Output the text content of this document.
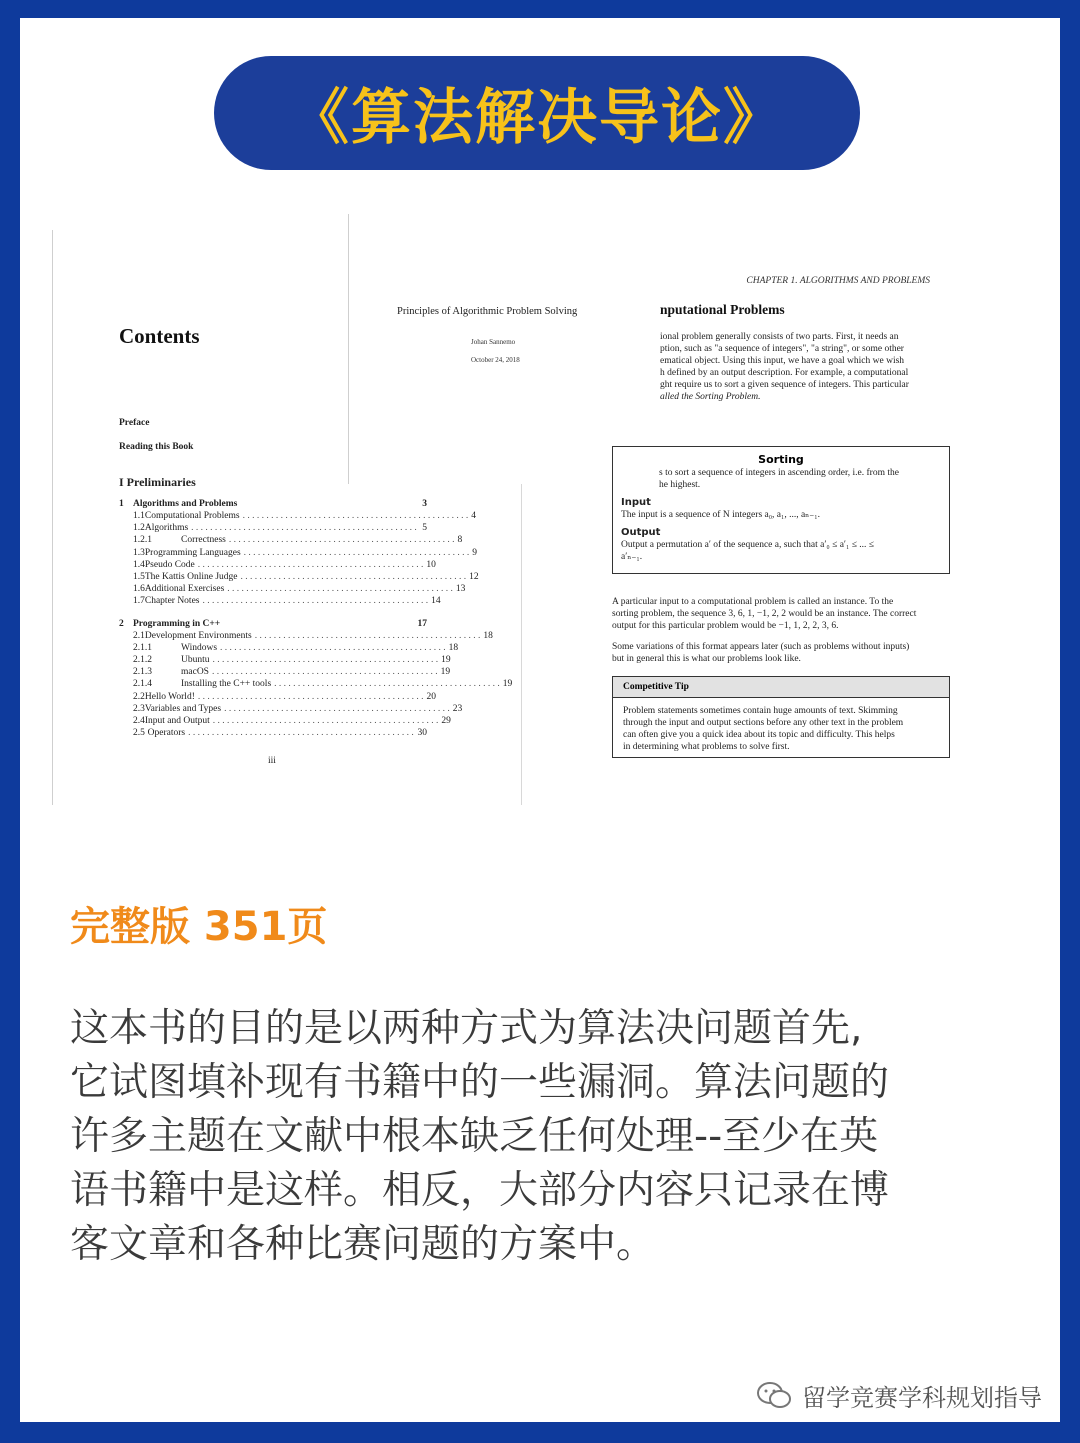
《算法解决导论》
Contents
Preface
Reading this Book
I Preliminaries
1 Algorithms and Problems	3
1.1 Computational Problems . . . . . . . . . . . . . . . . . . . . . . . . . . . . . . . . . . . . . . . . . . . . . . . . 4
1.2 Algorithms . . . . . . . . . . . . . . . . . . . . . . . . . . . . . . . . . . . . . . . . . . . . . . . . 5
1.2.1	Correctness . . . . . . . . . . . . . . . . . . . . . . . . . . . . . . . . . . . . . . . . . . . . . . . . 8
1.3 Programming Languages . . . . . . . . . . . . . . . . . . . . . . . . . . . . . . . . . . . . . . . . . . . . . . . . 9
1.4 Pseudo Code . . . . . . . . . . . . . . . . . . . . . . . . . . . . . . . . . . . . . . . . . . . . . . . . 10
1.5 The Kattis Online Judge . . . . . . . . . . . . . . . . . . . . . . . . . . . . . . . . . . . . . . . . . . . . . . . . 12
1.6 Additional Exercises . . . . . . . . . . . . . . . . . . . . . . . . . . . . . . . . . . . . . . . . . . . . . . . . 13
1.7 Chapter Notes . . . . . . . . . . . . . . . . . . . . . . . . . . . . . . . . . . . . . . . . . . . . . . . . 14
2 Programming in C++	17
2.1 Development Environments . . . . . . . . . . . . . . . . . . . . . . . . . . . . . . . . . . . . . . . . . . . . . . . . 18
2.1.1	Windows . . . . . . . . . . . . . . . . . . . . . . . . . . . . . . . . . . . . . . . . . . . . . . . . 18
2.1.2	Ubuntu . . . . . . . . . . . . . . . . . . . . . . . . . . . . . . . . . . . . . . . . . . . . . . . . 19
2.1.3	macOS . . . . . . . . . . . . . . . . . . . . . . . . . . . . . . . . . . . . . . . . . . . . . . . . 19
2.1.4	Installing the C++ tools . . . . . . . . . . . . . . . . . . . . . . . . . . . . . . . . . . . . . . . . . . . . . . . . 19
2.2 Hello World! . . . . . . . . . . . . . . . . . . . . . . . . . . . . . . . . . . . . . . . . . . . . . . . . 20
2.3 Variables and Types . . . . . . . . . . . . . . . . . . . . . . . . . . . . . . . . . . . . . . . . . . . . . . . . 23
2.4 Input and Output . . . . . . . . . . . . . . . . . . . . . . . . . . . . . . . . . . . . . . . . . . . . . . . . 29
2.5 Operators . . . . . . . . . . . . . . . . . . . . . . . . . . . . . . . . . . . . . . . . . . . . . . . . 30
iii
Principles of Algorithmic Problem Solving
Johan Sannemo
October 24, 2018
CHAPTER 1. ALGORITHMS AND PROBLEMS
nputational Problems
ional problem generally consists of two parts. First, it needs an
ption, such as "a sequence of integers", "a string", or some other
ematical object. Using this input, we have a goal which we wish
h defined by an output description. For example, a computational
ght require us to sort a given sequence of integers. This particular
alled the Sorting Problem.
Sorting
s to sort a sequence of integers in ascending order, i.e. from the
he highest.
Input
The input is a sequence of N integers a₀, a₁, ..., aₙ₋₁.
Output
Output a permutation a′ of the sequence a, such that a′₀ ≤ a′₁ ≤ ... ≤
a′ₙ₋₁.
A particular input to a computational problem is called an instance. To the
sorting problem, the sequence 3, 6, 1, −1, 2, 2 would be an instance. The correct
output for this particular problem would be −1, 1, 2, 2, 3, 6.
Some variations of this format appears later (such as problems without inputs)
but in general this is what our problems look like.
Competitive Tip
Problem statements sometimes contain huge amounts of text. Skimming
through the input and output sections before any other text in the problem
can often give you a quick idea about its topic and difficulty. This helps
in determining what problems to solve first.
完整版 351页
这本书的目的是以两种方式为算法决问题首先,
它试图填补现有书籍中的一些漏洞。算法问题的
许多主题在文献中根本缺乏任何处理--至少在英
语书籍中是这样。相反，大部分内容只记录在博
客文章和各种比赛问题的方案中。
留学竞赛学科规划指导
